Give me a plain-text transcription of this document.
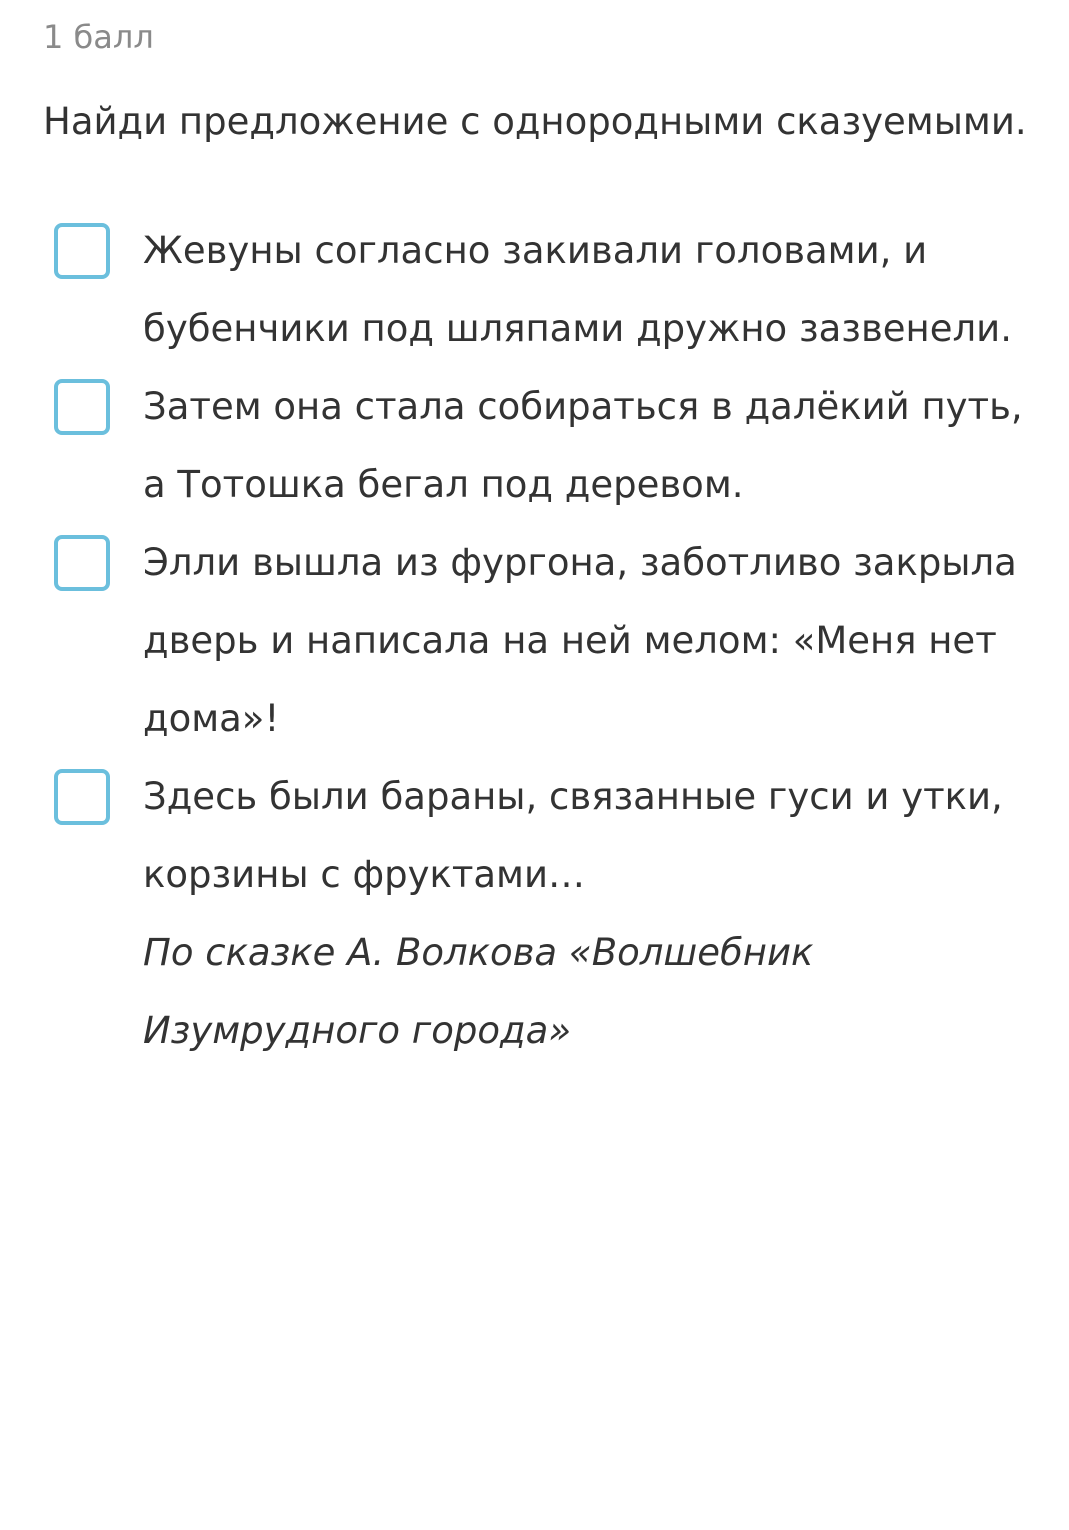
1 балл
Найди предложение с однородными сказуемыми.

Жевуны согласно закивали головами, и бубенчики под шляпами дружно зазвенели.

Затем она стала собираться в далёкий путь, а Тотошка бегал под деревом.

Элли вышла из фургона, заботливо закрыла дверь и написала на ней мелом: «Меня нет дома»!

Здесь были бараны, связанные гуси и утки, корзины с фруктами…

По сказке А. Волкова «Волшебник Изумрудного города»
